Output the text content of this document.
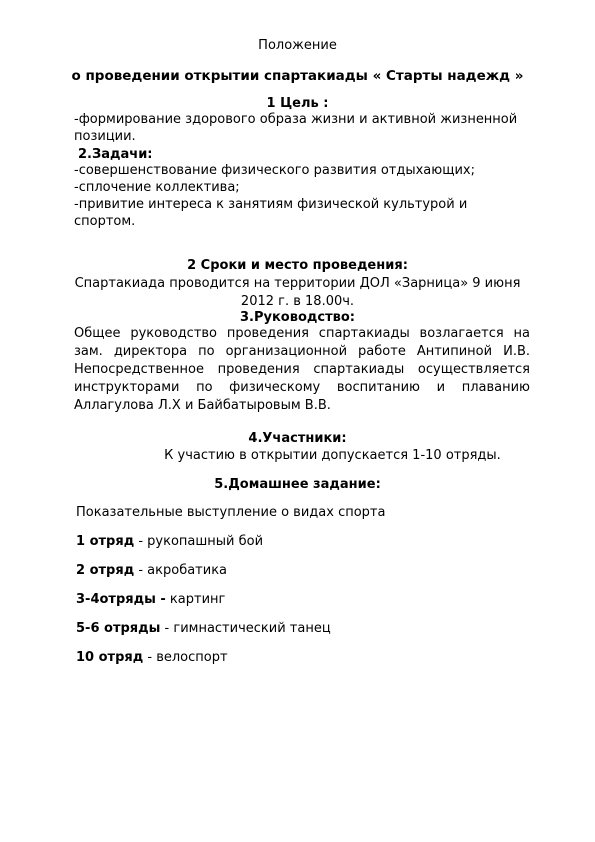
Положение
о проведении открытии спартакиады « Старты надежд »
1 Цель :
-формирование здорового образа жизни и активной жизненной
позиции.
2.Задачи:
-совершенствование физического развития отдыхающих;
-сплочение коллектива;
-привитие интереса к занятиям физической культурой и
спортом.
2 Сроки и место проведения:
Спартакиада проводится на территории ДОЛ «Зарница» 9 июня
2012 г. в 18.00ч.
3.Руководство:
Общее руководство проведения спартакиады возлагается на
зам. директора по организационной работе Антипиной И.В.
Непосредственное проведения спартакиады осуществляется
инструкторами по физическому воспитанию и плаванию
Аллагулова Л.Х и Байбатыровым В.В.
4.Участники:
К участию в открытии допускается 1-10 отряды.
5.Домашнее задание:
Показательные выступление о видах спорта
1 отряд - рукопашный бой
2 отряд - акробатика
3-4отряды - картинг
5-6 отряды - гимнастический танец
10 отряд - велоспорт
